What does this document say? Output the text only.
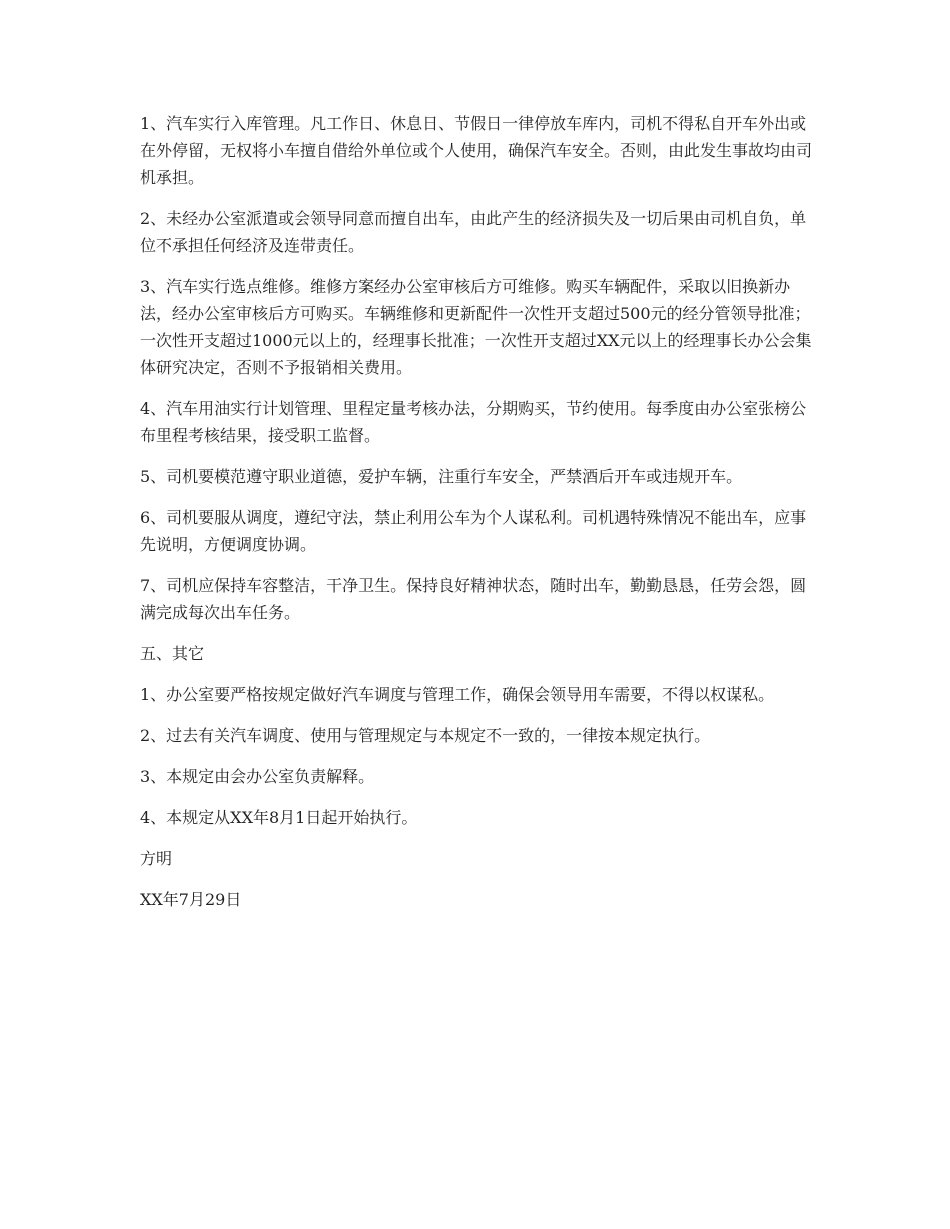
1、汽车实行入库管理。凡工作日、休息日、节假日一律停放车库内，司机不得私自开车外出或在外停留，无权将小车擅自借给外单位或个人使用，确保汽车安全。否则，由此发生事故均由司机承担。

2、未经办公室派遣或会领导同意而擅自出车，由此产生的经济损失及一切后果由司机自负，单位不承担任何经济及连带责任。

3、汽车实行选点维修。维修方案经办公室审核后方可维修。购买车辆配件，采取以旧换新办法，经办公室审核后方可购买。车辆维修和更新配件一次性开支超过500元的经分管领导批准；一次性开支超过1000元以上的，经理事长批准；一次性开支超过XX元以上的经理事长办公会集体研究决定，否则不予报销相关费用。

4、汽车用油实行计划管理、里程定量考核办法，分期购买，节约使用。每季度由办公室张榜公布里程考核结果，接受职工监督。

5、司机要模范遵守职业道德，爱护车辆，注重行车安全，严禁酒后开车或违规开车。

6、司机要服从调度，遵纪守法，禁止利用公车为个人谋私利。司机遇特殊情况不能出车，应事先说明，方便调度协调。

7、司机应保持车容整洁，干净卫生。保持良好精神状态，随时出车，勤勤恳恳，任劳会怨，圆满完成每次出车任务。

五、其它

1、办公室要严格按规定做好汽车调度与管理工作，确保会领导用车需要，不得以权谋私。

2、过去有关汽车调度、使用与管理规定与本规定不一致的，一律按本规定执行。

3、本规定由会办公室负责解释。

4、本规定从XX年8月1日起开始执行。

方明

XX年7月29日
